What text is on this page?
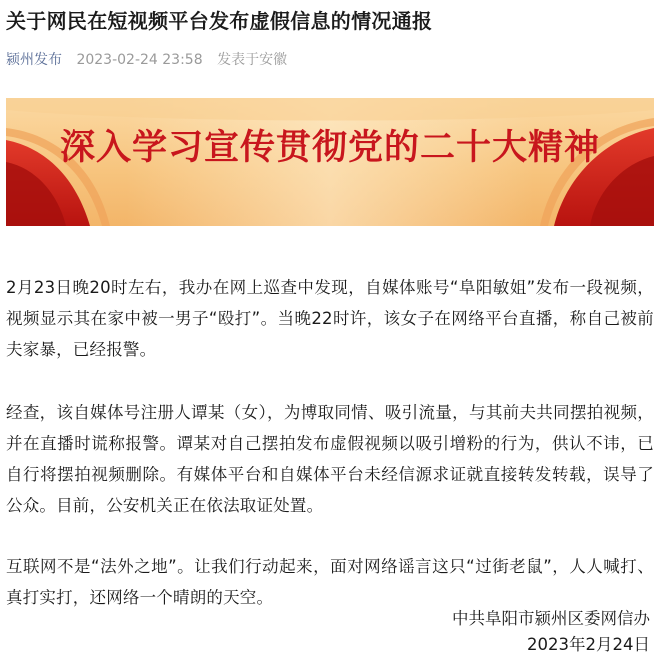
关于网民在短视频平台发布虚假信息的情况通报
颍州发布 2023-02-24 23:58 发表于安徽
深入学习宣传贯彻党的二十大精神

2月23日晚20时左右，我办在网上巡查中发现，自媒体账号“阜阳敏姐”发布一段视频，视频显示其在家中被一男子“殴打”。当晚22时许，该女子在网络平台直播，称自己被前夫家暴，已经报警。

经查，该自媒体号注册人谭某（女），为博取同情、吸引流量，与其前夫共同摆拍视频，并在直播时谎称报警。谭某对自己摆拍发布虚假视频以吸引增粉的行为，供认不讳，已自行将摆拍视频删除。有媒体平台和自媒体平台未经信源求证就直接转发转载，误导了公众。目前，公安机关正在依法取证处置。

互联网不是“法外之地”。让我们行动起来，面对网络谣言这只“过街老鼠”，人人喊打、真打实打，还网络一个晴朗的天空。

中共阜阳市颍州区委网信办
2023年2月24日
